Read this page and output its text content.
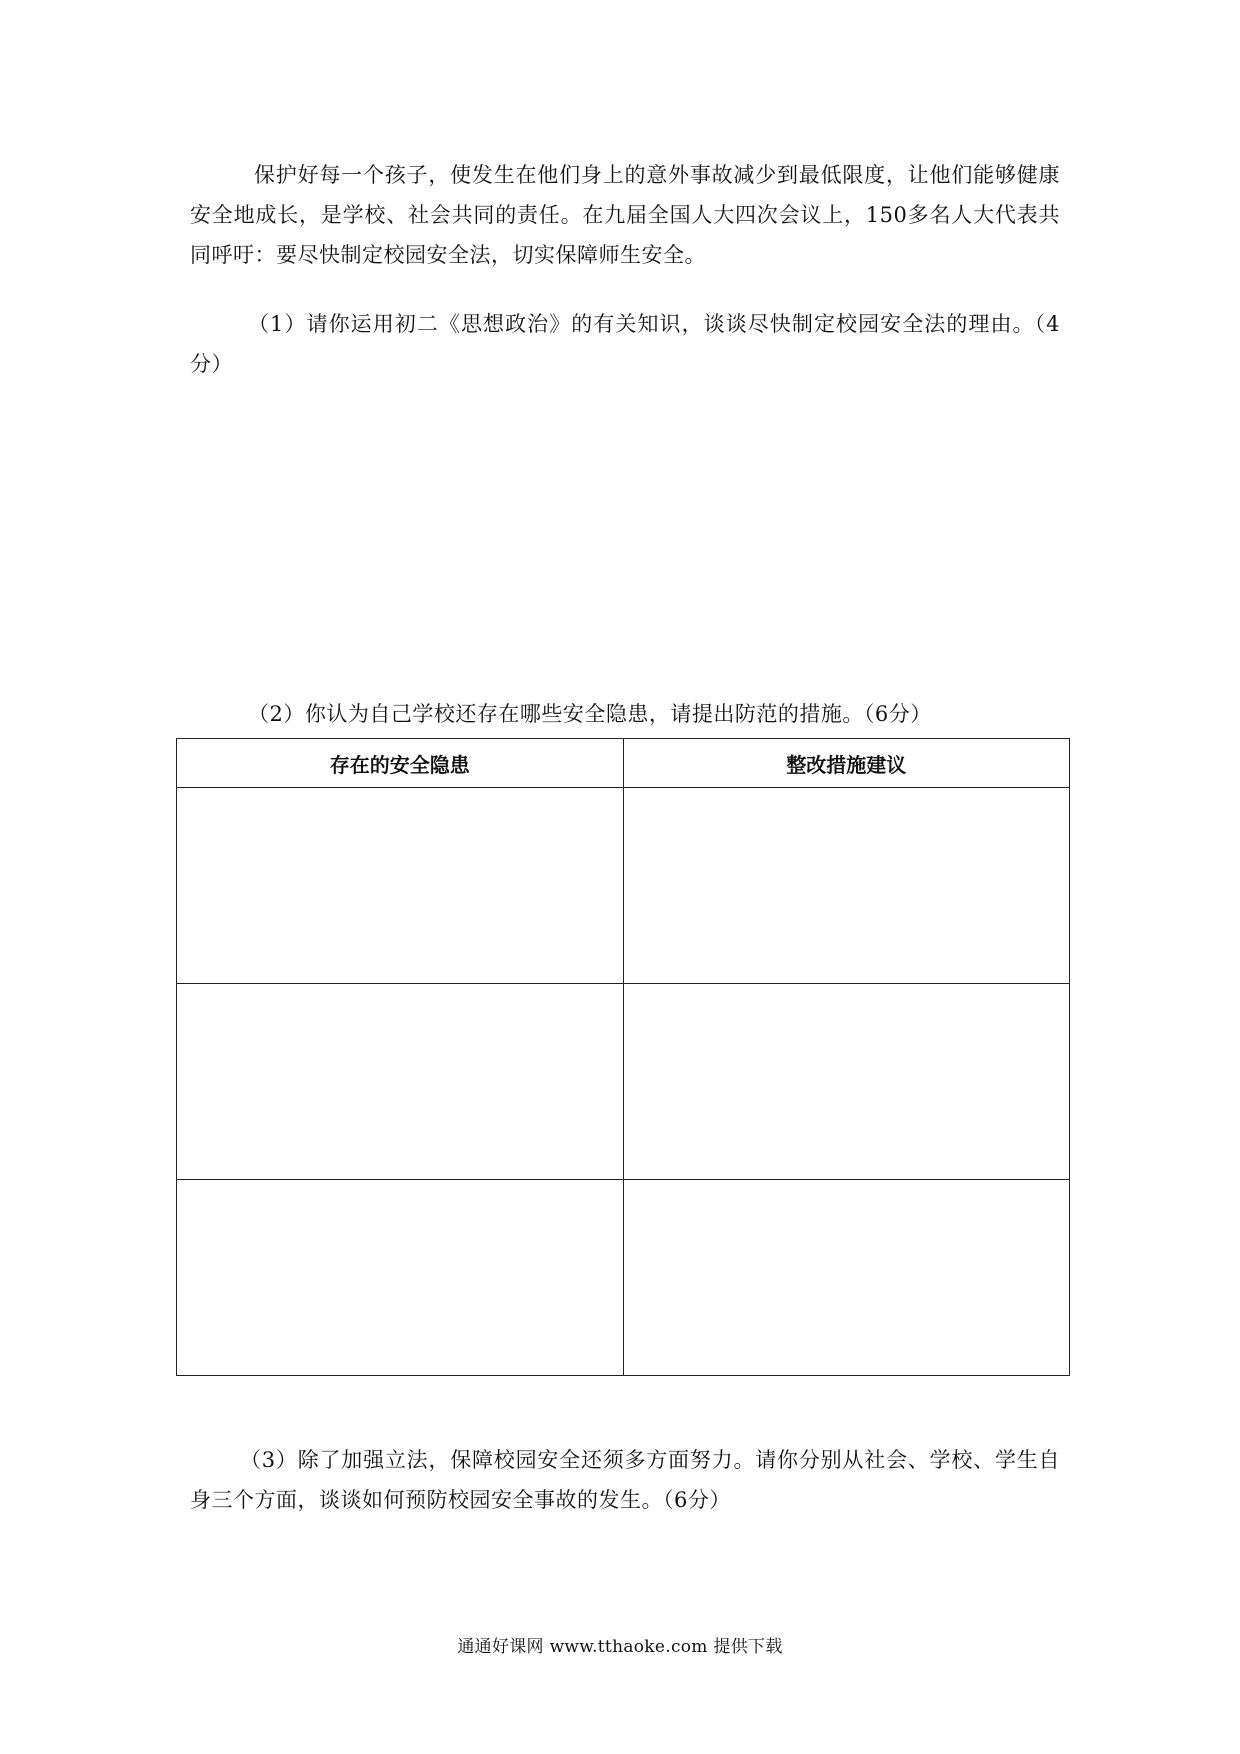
保护好每一个孩子，使发生在他们身上的意外事故减少到最低限度，让他们能够健康安全地成长，是学校、社会共同的责任。在九届全国人大四次会议上，150多名人大代表共同呼吁：要尽快制定校园安全法，切实保障师生安全。

（1）请你运用初二《思想政治》的有关知识，谈谈尽快制定校园安全法的理由。（4分）

（2）你认为自己学校还存在哪些安全隐患，请提出防范的措施。（6分）

存在的安全隐患	整改措施建议

（3）除了加强立法，保障校园安全还须多方面努力。请你分别从社会、学校、学生自身三个方面，谈谈如何预防校园安全事故的发生。（6分）

通通好课网 www.tthaoke.com 提供下载
